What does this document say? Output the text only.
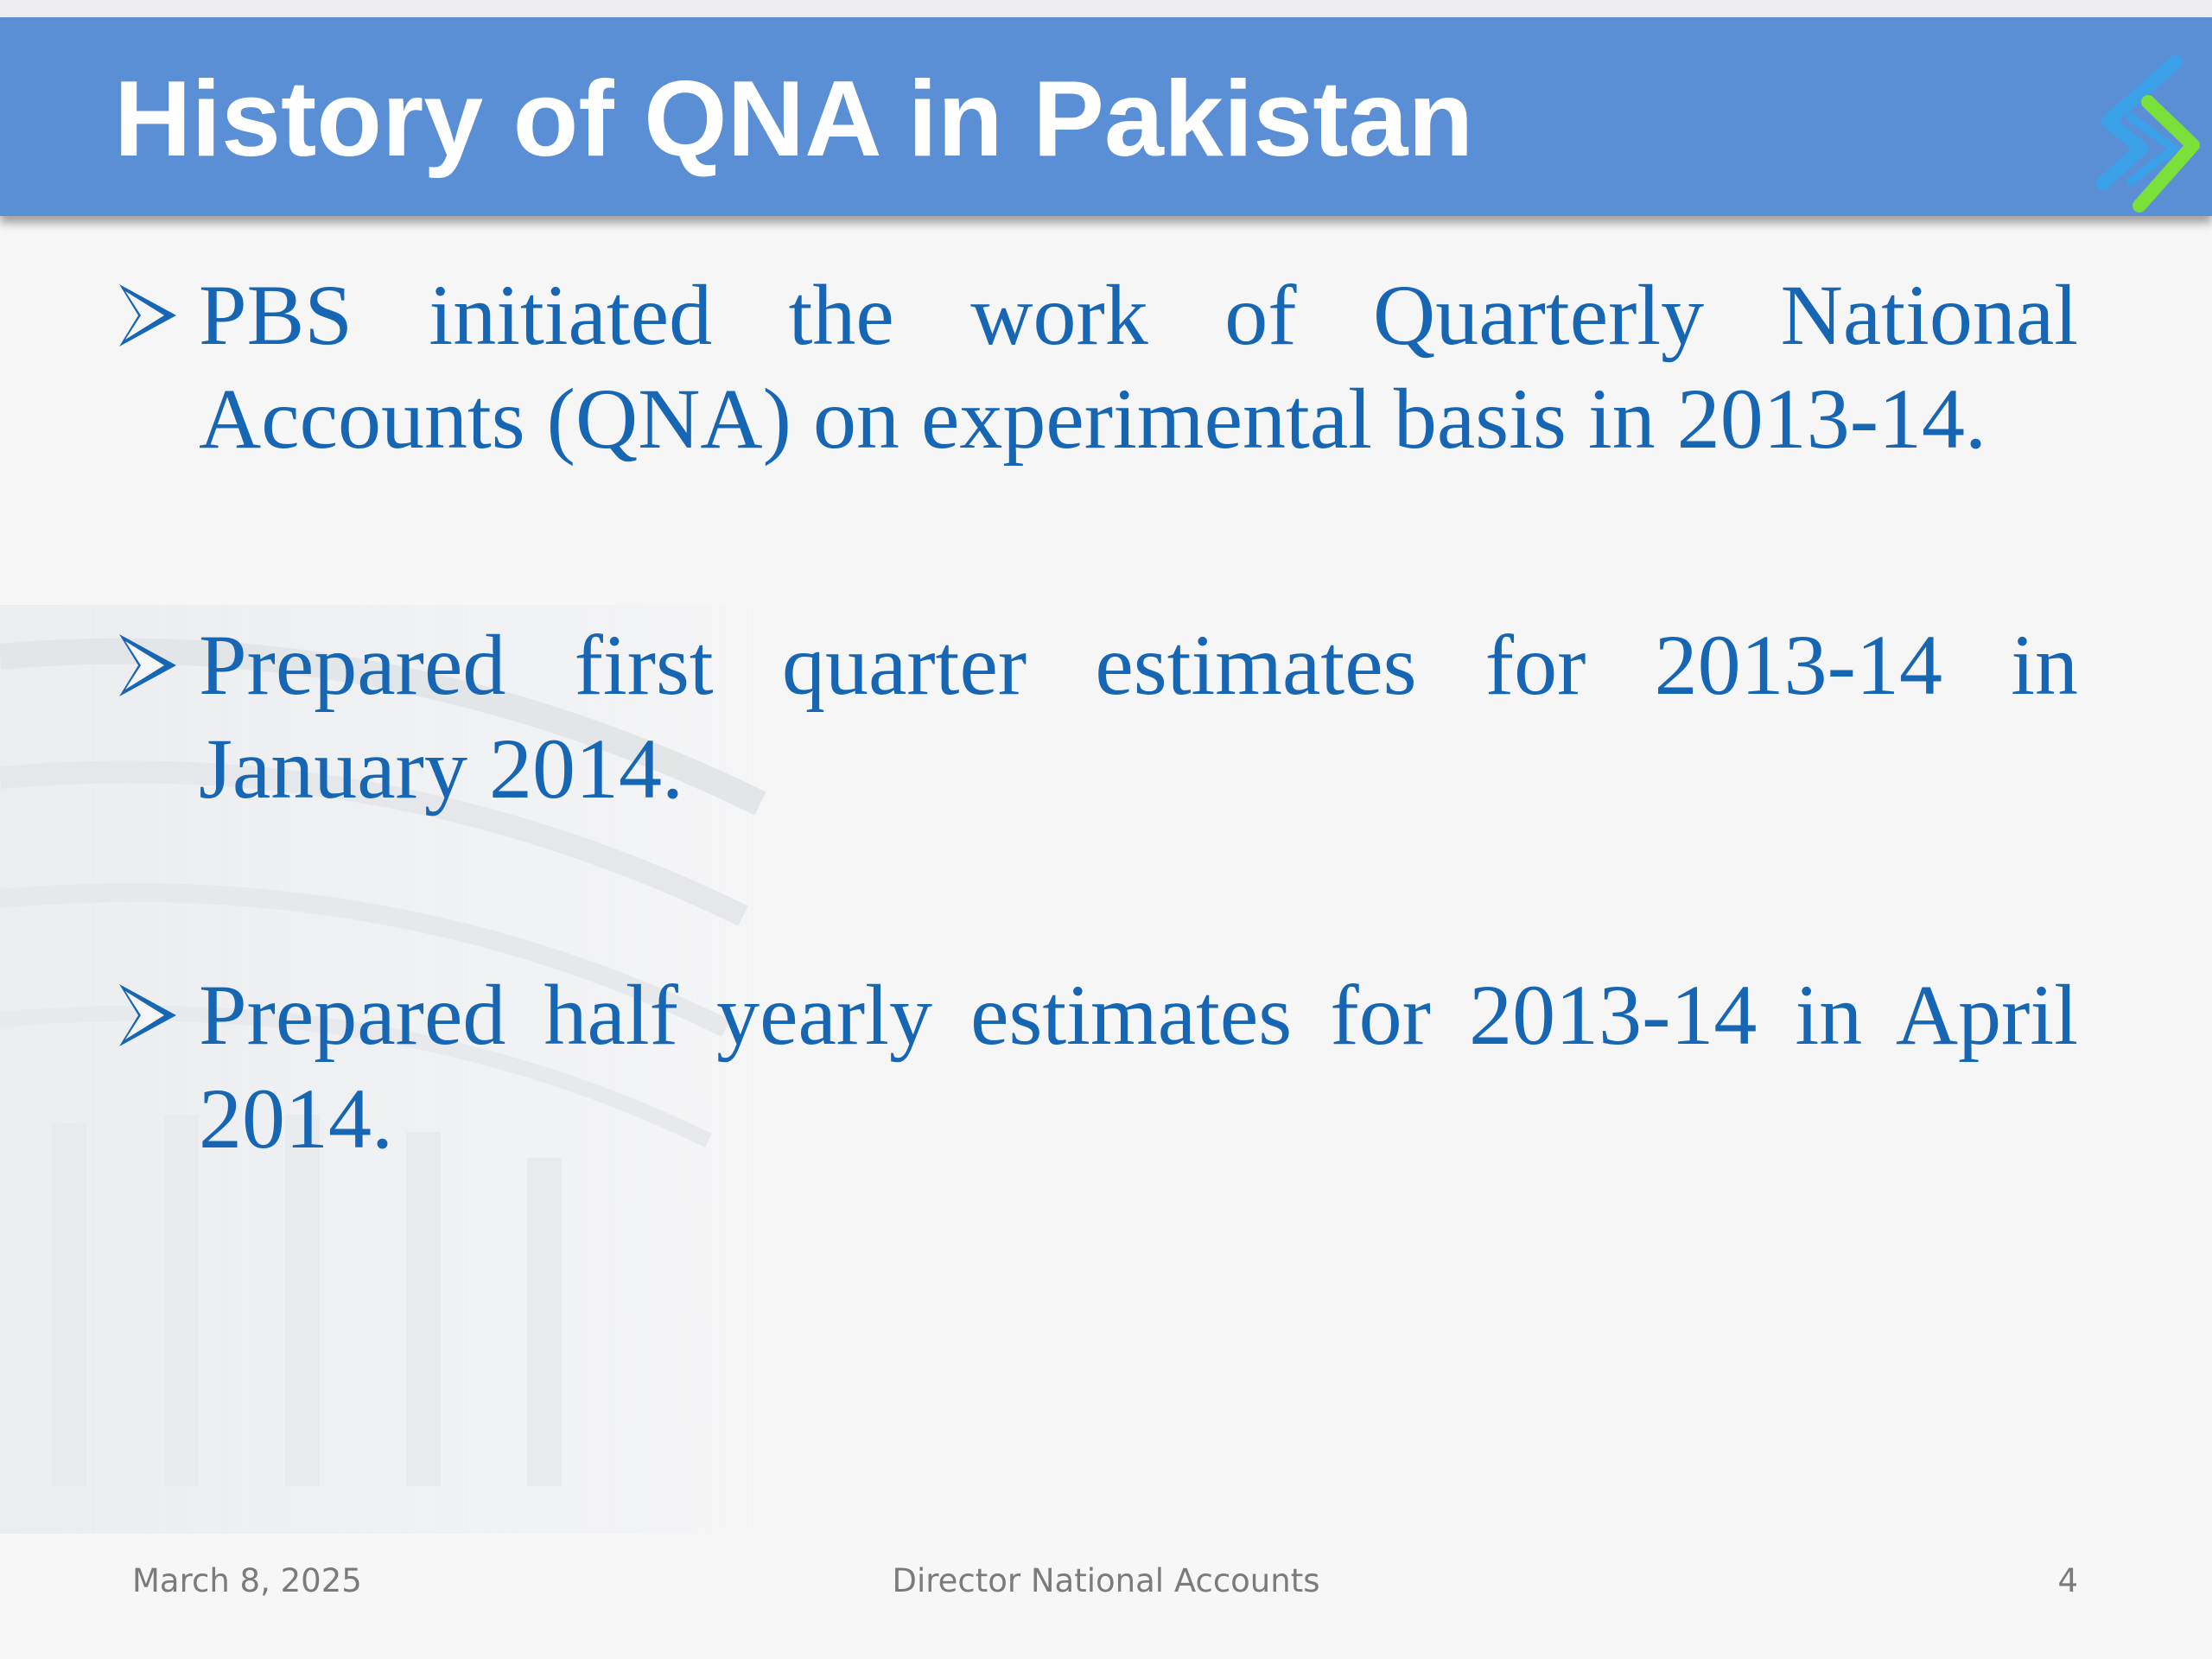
History of QNA in Pakistan
PBS initiated the work of Quarterly National Accounts (QNA) on experimental basis in 2013-14.
Prepared first quarter estimates for 2013-14 in January 2014.
Prepared half yearly estimates for 2013-14 in April 2014.
March 8, 2025	Director National Accounts	4
